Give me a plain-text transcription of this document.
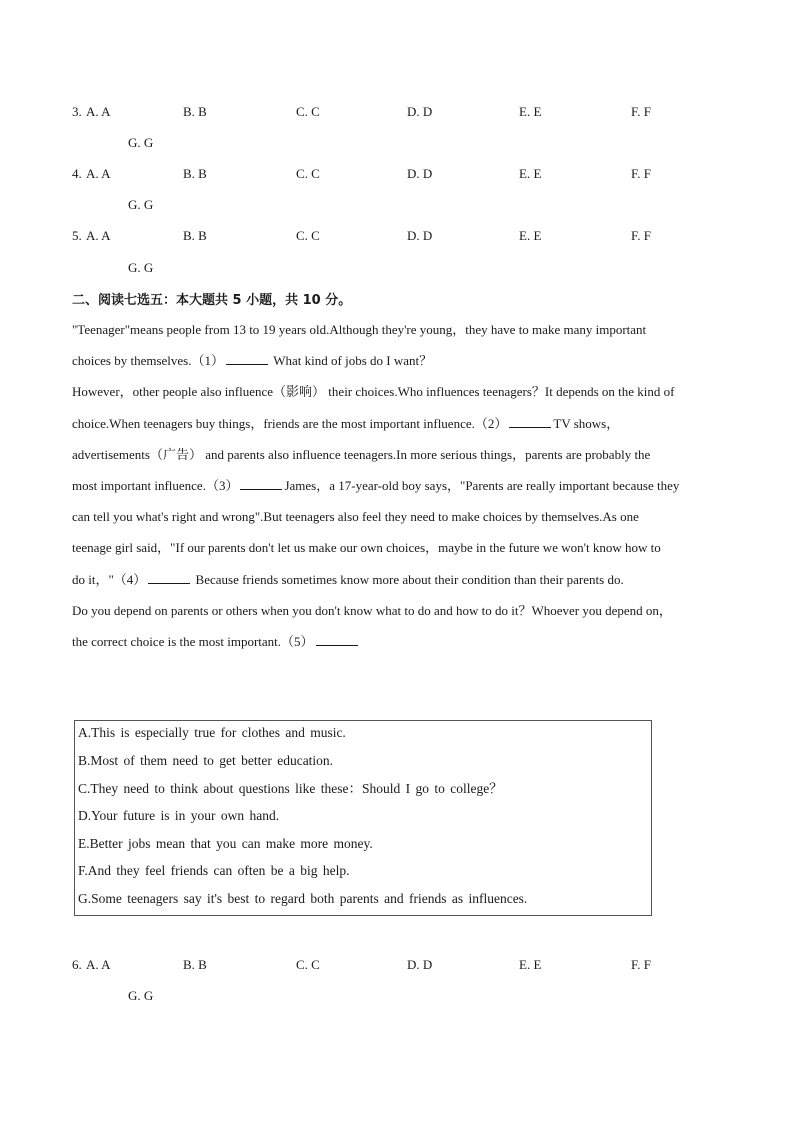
3. A. A	B. B	C. C	D. D	E. E	F. F
G. G
4. A. A	B. B	C. C	D. D	E. E	F. F
G. G
5. A. A	B. B	C. C	D. D	E. E	F. F
G. G
二、阅读七选五：本大题共 5 小题，共 10 分。
"Teenager"means people from 13 to 19 years old.Although they're young，they have to make many important
choices by themselves.（1）	What kind of jobs do I want？
However，other people also influence（影响） their choices.Who influences teenagers？It depends on the kind of
choice.When teenagers buy things，friends are the most important influence.（2）	TV shows，
advertisements（广告） and parents also influence teenagers.In more serious things，parents are probably the
most important influence.（3）	James，a 17-year-old boy says，"Parents are really important because they
can tell you what's right and wrong".But teenagers also feel they need to make choices by themselves.As one
teenage girl said，"If our parents don't let us make our own choices，maybe in the future we won't know how to
do it，"（4）	Because friends sometimes know more about their condition than their parents do.
Do you depend on parents or others when you don't know what to do and how to do it？Whoever you depend on，
the correct choice is the most important.（5）
A.This is especially true for clothes and music.
B.Most of them need to get better education.
C.They need to think about questions like these：Should I go to college？
D.Your future is in your own hand.
E.Better jobs mean that you can make more money.
F.And they feel friends can often be a big help.
G.Some teenagers say it's best to regard both parents and friends as influences.
6. A. A	B. B	C. C	D. D	E. E	F. F
G. G
